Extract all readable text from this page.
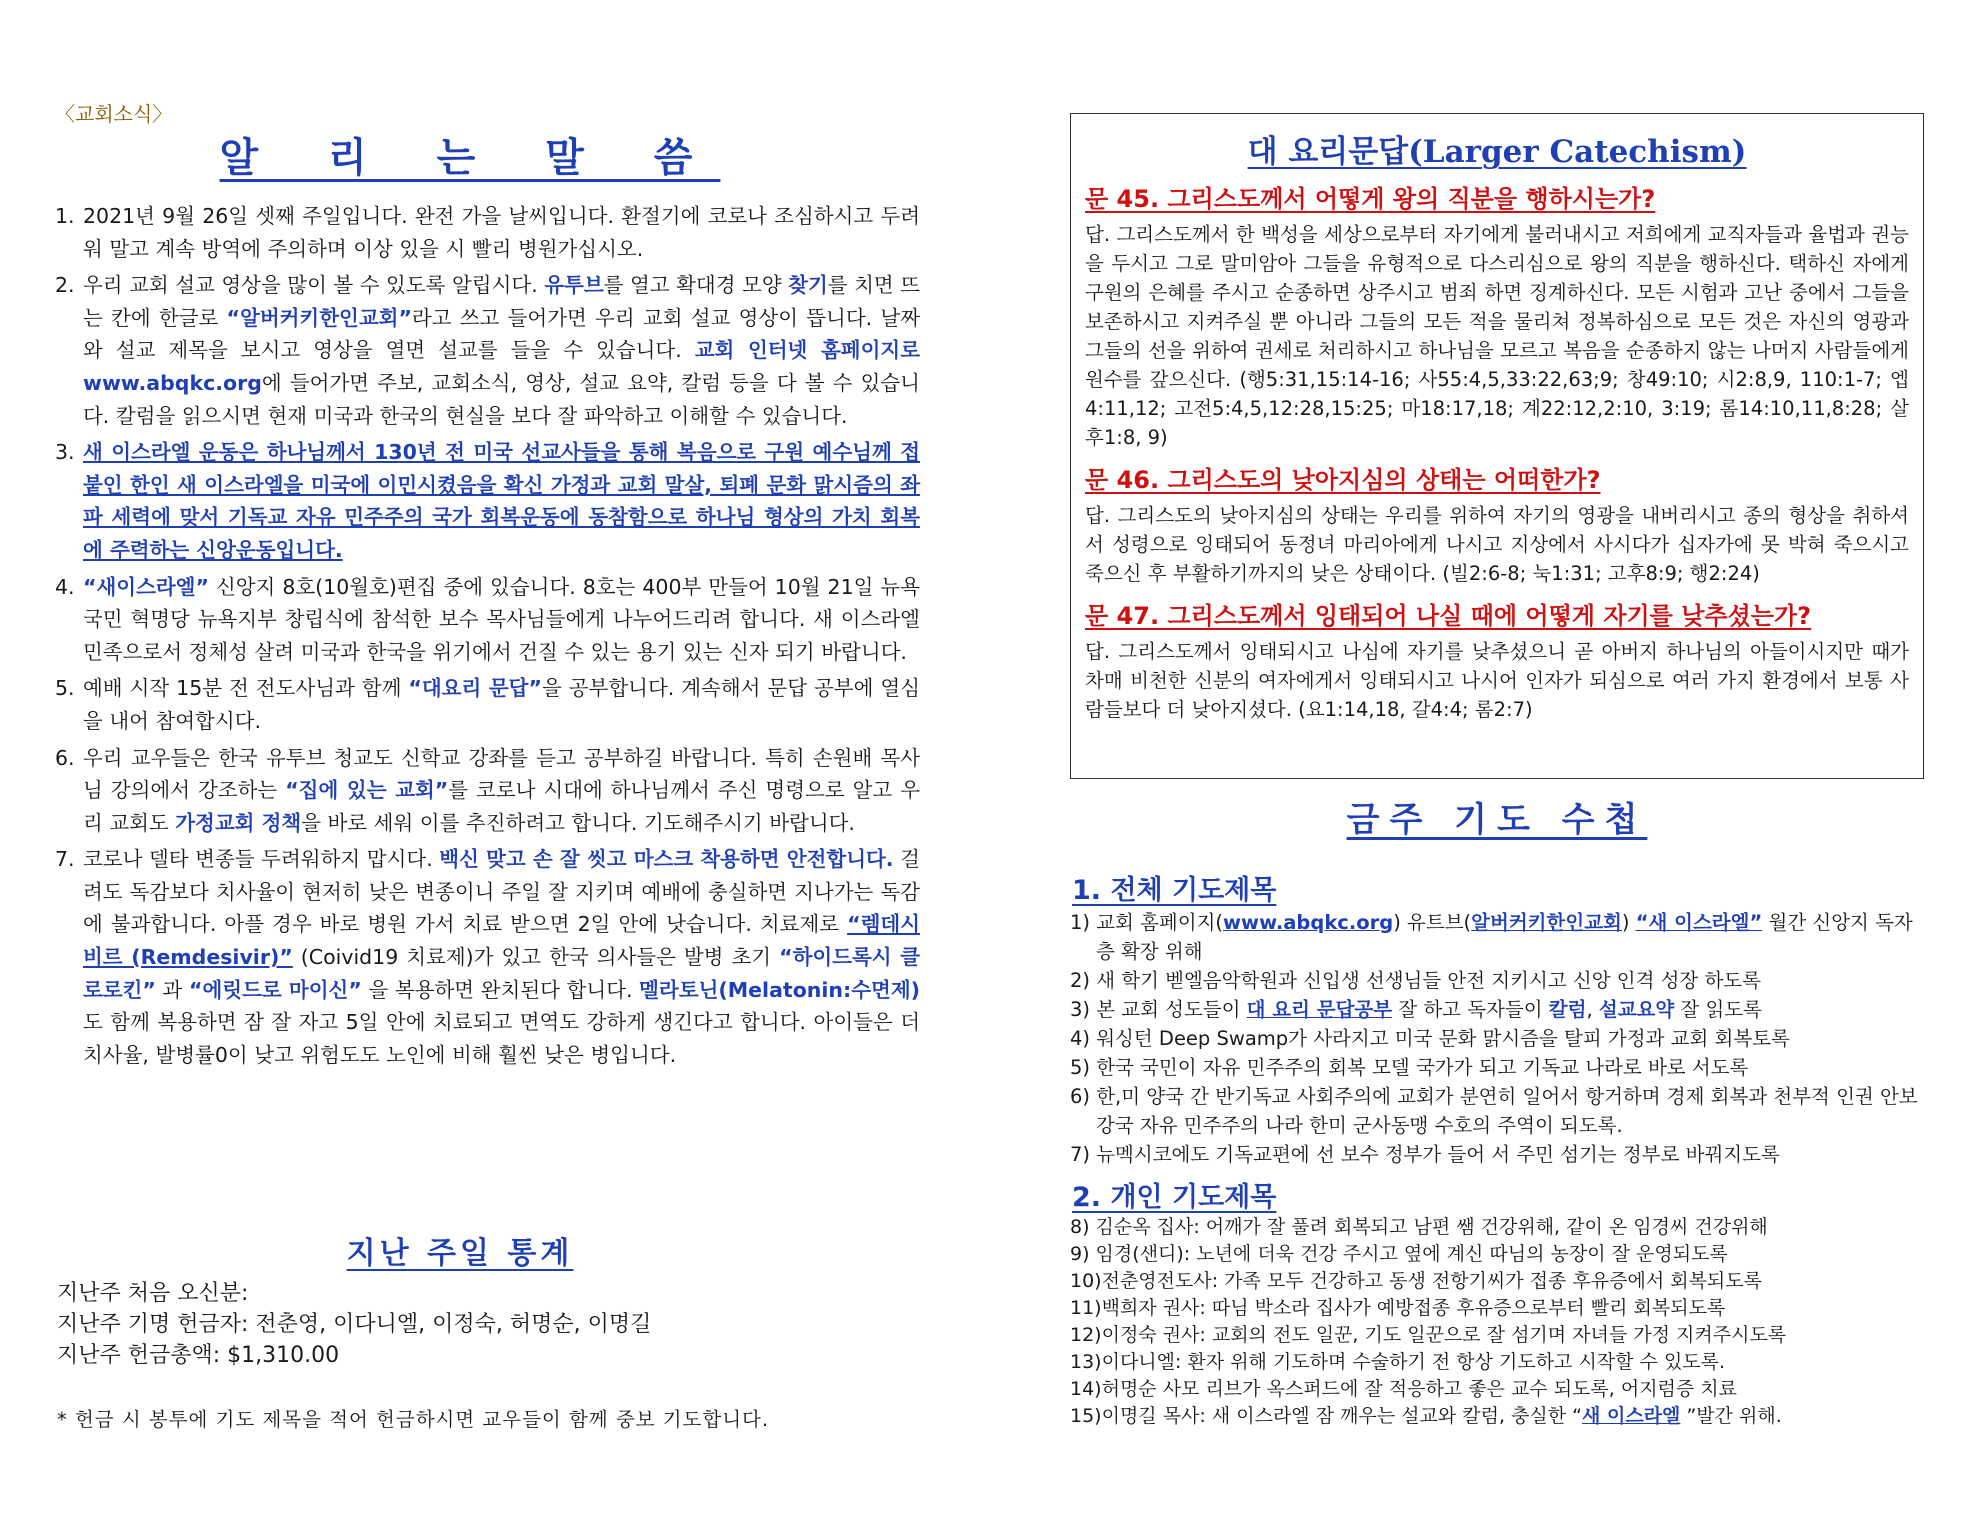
〈교회소식〉
알 리 는 말 씀
1. 2021년 9월 26일 셋째 주일입니다. 완전 가을 날씨입니다. 환절기에 코로나 조심하시고 두려워 말고 계속 방역에 주의하며 이상 있을 시 빨리 병원가십시오.
2. 우리 교회 설교 영상을 많이 볼 수 있도록 알립시다. 유투브를 열고 확대경 모양 찾기를 치면 뜨는 칸에 한글로 “알버커키한인교회”라고 쓰고 들어가면 우리 교회 설교 영상이 뜹니다. 날짜와 설교 제목을 보시고 영상을 열면 설교를 들을 수 있습니다. 교회 인터넷 홈페이지로 www.abqkc.org에 들어가면 주보, 교회소식, 영상, 설교 요약, 칼럼 등을 다 볼 수 있습니다. 칼럼을 읽으시면 현재 미국과 한국의 현실을 보다 잘 파악하고 이해할 수 있습니다.
3. 새 이스라엘 운동은 하나님께서 130년 전 미국 선교사들을 통해 복음으로 구원 예수님께 접붙인 한인 새 이스라엘을 미국에 이민시켰음을 확신 가정과 교회 말살, 퇴폐 문화 맑시즘의 좌파 세력에 맞서 기독교 자유 민주주의 국가 회복운동에 동참함으로 하나님 형상의 가치 회복에 주력하는 신앙운동입니다.
4. “새이스라엘” 신앙지 8호(10월호)편집 중에 있습니다. 8호는 400부 만들어 10월 21일 뉴욕 국민 혁명당 뉴욕지부 창립식에 참석한 보수 목사님들에게 나누어드리려 합니다. 새 이스라엘 민족으로서 정체성 살려 미국과 한국을 위기에서 건질 수 있는 용기 있는 신자 되기 바랍니다.
5. 예배 시작 15분 전 전도사님과 함께 “대요리 문답”을 공부합니다. 계속해서 문답 공부에 열심을 내어 참여합시다.
6. 우리 교우들은 한국 유투브 청교도 신학교 강좌를 듣고 공부하길 바랍니다. 특히 손원배 목사님 강의에서 강조하는 “집에 있는 교회”를 코로나 시대에 하나님께서 주신 명령으로 알고 우리 교회도 가정교회 정책을 바로 세워 이를 추진하려고 합니다. 기도해주시기 바랍니다.
7. 코로나 델타 변종들 두려워하지 맙시다. 백신 맞고 손 잘 씻고 마스크 착용하면 안전합니다. 걸려도 독감보다 치사율이 현저히 낮은 변종이니 주일 잘 지키며 예배에 충실하면 지나가는 독감에 불과합니다. 아플 경우 바로 병원 가서 치료 받으면 2일 안에 낫습니다. 치료제로 “렘데시비르 (Remdesivir)” (Coivid19 치료제)가 있고 한국 의사들은 발병 초기 “하이드록시 클로로킨” 과 “에릿드로 마이신” 을 복용하면 완치된다 합니다. 멜라토닌(Melatonin:수면제)도 함께 복용하면 잠 잘 자고 5일 안에 치료되고 면역도 강하게 생긴다고 합니다. 아이들은 더 치사율, 발병률0이 낮고 위험도도 노인에 비해 훨씬 낮은 병입니다.
지난 주일 통계
지난주 처음 오신분:
지난주 기명 헌금자: 전춘영, 이다니엘, 이정숙, 허명순, 이명길
지난주 헌금총액: $1,310.00
* 헌금 시 봉투에 기도 제목을 적어 헌금하시면 교우들이 함께 중보 기도합니다.
대 요리문답(Larger Catechism)
문 45. 그리스도께서 어떻게 왕의 직분을 행하시는가?
답. 그리스도께서 한 백성을 세상으로부터 자기에게 불러내시고 저희에게 교직자들과 율법과 권능을 두시고 그로 말미암아 그들을 유형적으로 다스리심으로 왕의 직분을 행하신다. 택하신 자에게 구원의 은혜를 주시고 순종하면 상주시고 범죄 하면 징계하신다. 모든 시험과 고난 중에서 그들을 보존하시고 지켜주실 뿐 아니라 그들의 모든 적을 물리쳐 정복하심으로 모든 것은 자신의 영광과 그들의 선을 위하여 권세로 처리하시고 하나님을 모르고 복음을 순종하지 않는 나머지 사람들에게 원수를 갚으신다. (행5:31,15:14-16; 사55:4,5,33:22,63;9; 창49:10; 시2:8,9, 110:1-7; 엡4:11,12; 고전5:4,5,12:28,15:25; 마18:17,18; 계22:12,2:10, 3:19; 롬14:10,11,8:28; 살후1:8, 9)
문 46. 그리스도의 낮아지심의 상태는 어떠한가?
답. 그리스도의 낮아지심의 상태는 우리를 위하여 자기의 영광을 내버리시고 종의 형상을 취하셔서 성령으로 잉태되어 동정녀 마리아에게 나시고 지상에서 사시다가 십자가에 못 박혀 죽으시고 죽으신 후 부활하기까지의 낮은 상태이다. (빌2:6-8; 눅1:31; 고후8:9; 행2:24)
문 47. 그리스도께서 잉태되어 나실 때에 어떻게 자기를 낮추셨는가?
답. 그리스도께서 잉태되시고 나심에 자기를 낮추셨으니 곧 아버지 하나님의 아들이시지만 때가 차매 비천한 신분의 여자에게서 잉태되시고 나시어 인자가 되심으로 여러 가지 환경에서 보통 사람들보다 더 낮아지셨다. (요1:14,18, 갈4:4; 롬2:7)
금주 기도 수첩
1. 전체 기도제목
1) 교회 홈페이지(www.abqkc.org) 유트브(알버커키한인교회) “새 이스라엘” 월간 신앙지 독자층 확장 위해
2) 새 학기 벧엘음악학원과 신입생 선생님들 안전 지키시고 신앙 인격 성장 하도록
3) 본 교회 성도들이 대 요리 문답공부 잘 하고 독자들이 칼럼, 설교요약 잘 읽도록
4) 워싱턴 Deep Swamp가 사라지고 미국 문화 맑시즘을 탈피 가정과 교회 회복토록
5) 한국 국민이 자유 민주주의 회복 모델 국가가 되고 기독교 나라로 바로 서도록
6) 한,미 양국 간 반기독교 사회주의에 교회가 분연히 일어서 항거하며 경제 회복과 천부적 인권 안보강국 자유 민주주의 나라 한미 군사동맹 수호의 주역이 되도록.
7) 뉴멕시코에도 기독교편에 선 보수 정부가 들어 서 주민 섬기는 정부로 바꿔지도록
2. 개인 기도제목
8) 김순옥 집사: 어깨가 잘 풀려 회복되고 남편 쌤 건강위해, 같이 온 임경씨 건강위해
9) 임경(샌디): 노년에 더욱 건강 주시고 옆에 계신 따님의 농장이 잘 운영되도록
10)전춘영전도사: 가족 모두 건강하고 동생 전항기씨가 접종 후유증에서 회복되도록
11)백희자 권사: 따님 박소라 집사가 예방접종 후유증으로부터 빨리 회복되도록
12)이정숙 권사: 교회의 전도 일꾼, 기도 일꾼으로 잘 섬기며 자녀들 가정 지켜주시도록
13)이다니엘: 환자 위해 기도하며 수술하기 전 항상 기도하고 시작할 수 있도록.
14)허명순 사모 리브가 옥스퍼드에 잘 적응하고 좋은 교수 되도록, 어지럼증 치료
15)이명길 목사: 새 이스라엘 잠 깨우는 설교와 칼럼, 충실한 “새 이스라엘 ”발간 위해.
